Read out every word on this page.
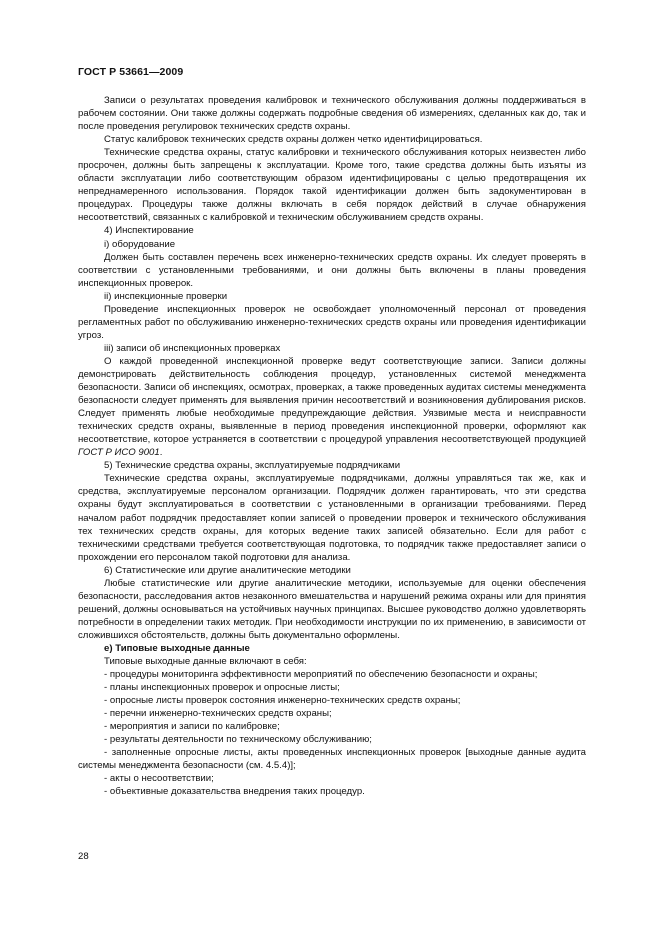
ГОСТ Р 53661—2009

Записи о результатах проведения калибровок и технического обслуживания должны поддерживаться в рабочем состоянии. Они также должны содержать подробные сведения об измерениях, сделанных как до, так и после проведения регулировок технических средств охраны.

Статус калибровок технических средств охраны должен четко идентифицироваться.

Технические средства охраны, статус калибровки и технического обслуживания которых неизвестен либо просрочен, должны быть запрещены к эксплуатации. Кроме того, такие средства должны быть изъяты из области эксплуатации либо соответствующим образом идентифицированы с целью предотвращения их непреднамеренного использования. Порядок такой идентификации должен быть задокументирован в процедурах. Процедуры также должны включать в себя порядок действий в случае обнаружения несоответствий, связанных с калибровкой и техническим обслуживанием средств охраны.

4) Инспектирование

i) оборудование

Должен быть составлен перечень всех инженерно-технических средств охраны. Их следует проверять в соответствии с установленными требованиями, и они должны быть включены в планы проведения инспекционных проверок.

ii) инспекционные проверки

Проведение инспекционных проверок не освобождает уполномоченный персонал от проведения регламентных работ по обслуживанию инженерно-технических средств охраны или проведения идентификации угроз.

iii) записи об инспекционных проверках

О каждой проведенной инспекционной проверке ведут соответствующие записи. Записи должны демонстрировать действительность соблюдения процедур, установленных системой менеджмента безопасности. Записи об инспекциях, осмотрах, проверках, а также проведенных аудитах системы менеджмента безопасности следует применять для выявления причин несоответствий и возникновения дублирования рисков. Следует применять любые необходимые предупреждающие действия. Уязвимые места и неисправности технических средств охраны, выявленные в период проведения инспекционной проверки, оформляют как несоответствие, которое устраняется в соответствии с процедурой управления несоответствующей продукцией ГОСТ Р ИСО 9001.

5) Технические средства охраны, эксплуатируемые подрядчиками

Технические средства охраны, эксплуатируемые подрядчиками, должны управляться так же, как и средства, эксплуатируемые персоналом организации. Подрядчик должен гарантировать, что эти средства охраны будут эксплуатироваться в соответствии с установленными в организации требованиями. Перед началом работ подрядчик предоставляет копии записей о проведении проверок и технического обслуживания тех технических средств охраны, для которых ведение таких записей обязательно. Если для работ с техническими средствами требуется соответствующая подготовка, то подрядчик также предоставляет записи о прохождении его персоналом такой подготовки для анализа.

6) Статистические или другие аналитические методики

Любые статистические или другие аналитические методики, используемые для оценки обеспечения безопасности, расследования актов незаконного вмешательства и нарушений режима охраны или для принятия решений, должны основываться на устойчивых научных принципах. Высшее руководство должно удовлетворять потребности в определении таких методик. При необходимости инструкции по их применению, в зависимости от сложившихся обстоятельств, должны быть документально оформлены.

е) Типовые выходные данные

Типовые выходные данные включают в себя:

- процедуры мониторинга эффективности мероприятий по обеспечению безопасности и охраны;

- планы инспекционных проверок и опросные листы;

- опросные листы проверок состояния инженерно-технических средств охраны;

- перечни инженерно-технических средств охраны;

- мероприятия и записи по калибровке;

- результаты деятельности по техническому обслуживанию;

- заполненные опросные листы, акты проведенных инспекционных проверок [выходные данные аудита системы менеджмента безопасности (см. 4.5.4)];

- акты о несоответствии;

- объективные доказательства внедрения таких процедур.

28
